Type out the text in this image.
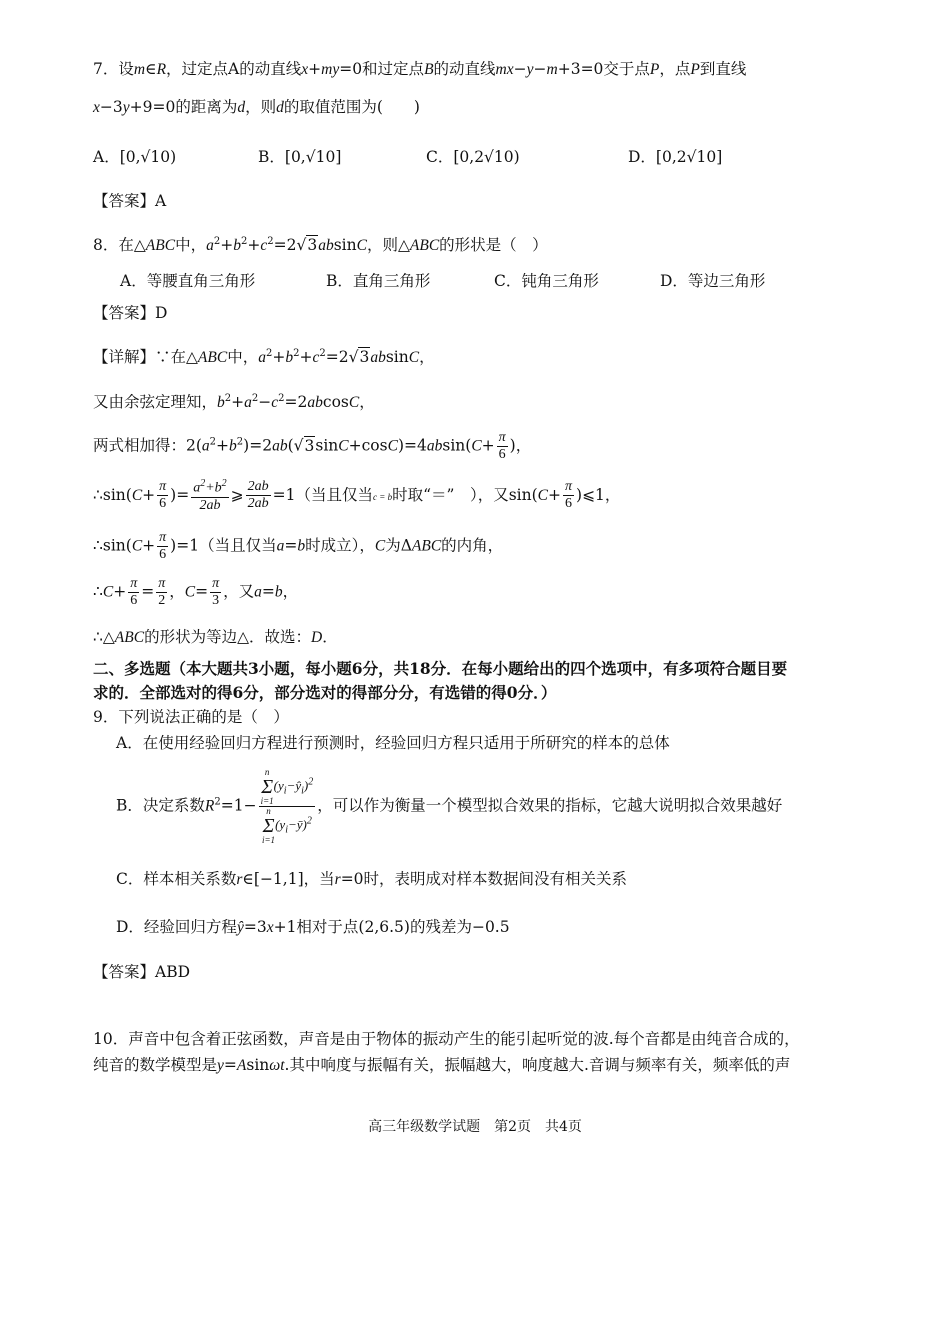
7．设m∈R，过定点A的动直线x+my=0和过定点B的动直线mx−y−m+3=0交于点P，点P到直线
x−3y+9=0的距离为d，则d的取值范围为(　　)
A．[0,√10)	B．[0,√10]	C．[0,2√10)	D．[0,2√10]
【答案】A
8．在△ABC中，$a^2+b^2+c^2=2√3absinC$，则△ABC的形状是（　）
A．等腰直角三角形	B．直角三角形	C．钝角三角形	D．等边三角形
【答案】D
【详解】∵在△ABC中，$a^2+b^2+c^2=2√3absinC$，
又由余弦定理知，$b^2+a^2-c^2=2abcosC$，
两式相加得：$2(a^2+b^2)=2ab(√3\sin C+\cos C)=4absin(C+ \frac{\pi}{6}$ )，
∴sin(C+ $\frac{\pi}{6}$ )= $\frac{a^2+b^2}{2ab}$ ⩾ $\frac{2ab}{2ab} =1$（当且仅当c = b时取“＝”　），又$\sin(C+ \frac{\pi}{6}$ )⩽1，
∴sin(C+ $\frac{\pi}{6} )=1$（当且仅当a=b时成立），C为ΔABC的内角，
∴C+ $\frac{\pi}{6} = \frac{\pi}{2}$ ，$C= \frac{\pi}{3}$ ，又a=b，
∴△ABC的形状为等边△．故选：D．
二、多选题（本大题共3小题，每小题6分，共18分．在每小题给出的四个选项中，有多项符合题目要
求的．全部选对的得6分，部分选对的得部分分，有选错的得0分．）
9．下列说法正确的是（　）
A．在使用经验回归方程进行预测时，经验回归方程只适用于所研究的样本的总体
B．决定系数$R^2=1- n$
Σ
i=1
$(y_i-ŷ_i)^2$
n
Σ
i=1
$(y_i-ȳ)^2$ ，可以作为衡量一个模型拟合效果的指标，它越大说明拟合效果越好
C．样本相关系数r∈[−1,1]，当r=0时，表明成对样本数据间没有相关关系
D．经验回归方程ŷ=3x+1相对于点(2,6.5)的残差为−0.5
【答案】ABD
10．声音中包含着正弦函数，声音是由于物体的振动产生的能引起听觉的波.每个音都是由纯音合成的，
纯音的数学模型是y=Asinωt.其中响度与振幅有关，振幅越大，响度越大.音调与频率有关，频率低的声
高三年级数学试题　第2页　共4页
